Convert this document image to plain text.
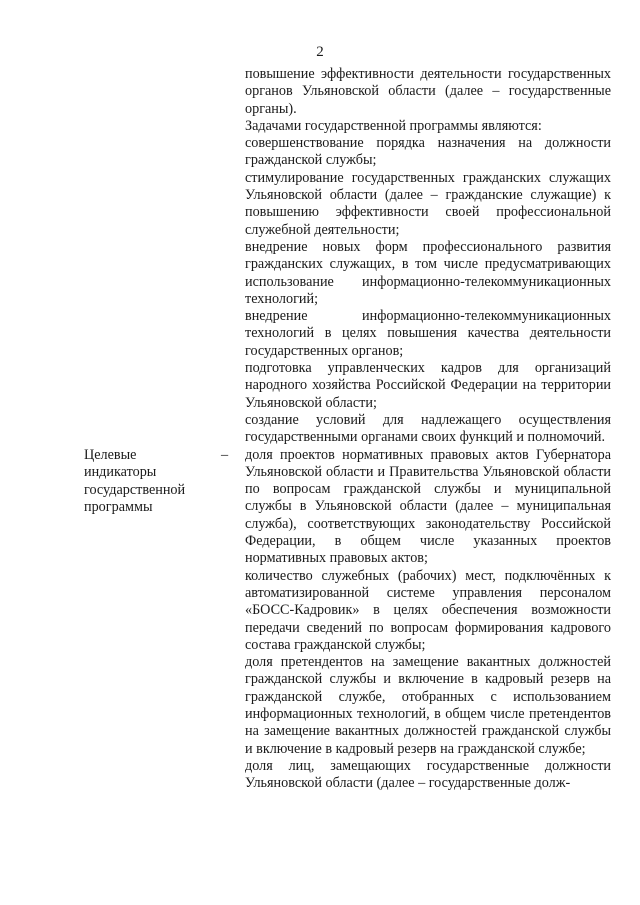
2

повышение эффективности деятельности государственных органов Ульяновской области (далее – государственные органы).

Задачами государственной программы являются:

совершенствование порядка назначения на должности гражданской службы;

стимулирование государственных гражданских служащих Ульяновской области (далее – гражданские служащие) к повышению эффективности своей профессиональной служебной деятельности;

внедрение новых форм профессионального развития гражданских служащих, в том числе предусматривающих использование информационно-телекоммуникационных технологий;

внедрение информационно-телекоммуникационных технологий в целях повышения качества деятельности государственных органов;

подготовка управленческих кадров для организаций народного хозяйства Российской Федерации на территории Ульяновской области;

создание условий для надлежащего осуществления государственными органами своих функций и полномочий.

доля проектов нормативных правовых актов Губернатора Ульяновской области и Правительства Ульяновской области по вопросам гражданской службы и муниципальной службы в Ульяновской области (далее – муниципальная служба), соответствующих законодательству Российской Федерации, в общем числе указанных проектов нормативных правовых актов;

количество служебных (рабочих) мест, подключённых к автоматизированной системе управления персоналом «БОСС-Кадровик» в целях обеспечения возможности передачи сведений по вопросам формирования кадрового состава гражданской службы;

доля претендентов на замещение вакантных должностей гражданской службы и включение в кадровый резерв на гражданской службе, отобранных с использованием информационных технологий, в общем числе претендентов на замещение вакантных должностей гражданской службы и включение в кадровый резерв на гражданской службе;

доля лиц, замещающих государственные должности Ульяновской области (далее – государственные долж-

Целевые
индикаторы
государственной
программы
–
